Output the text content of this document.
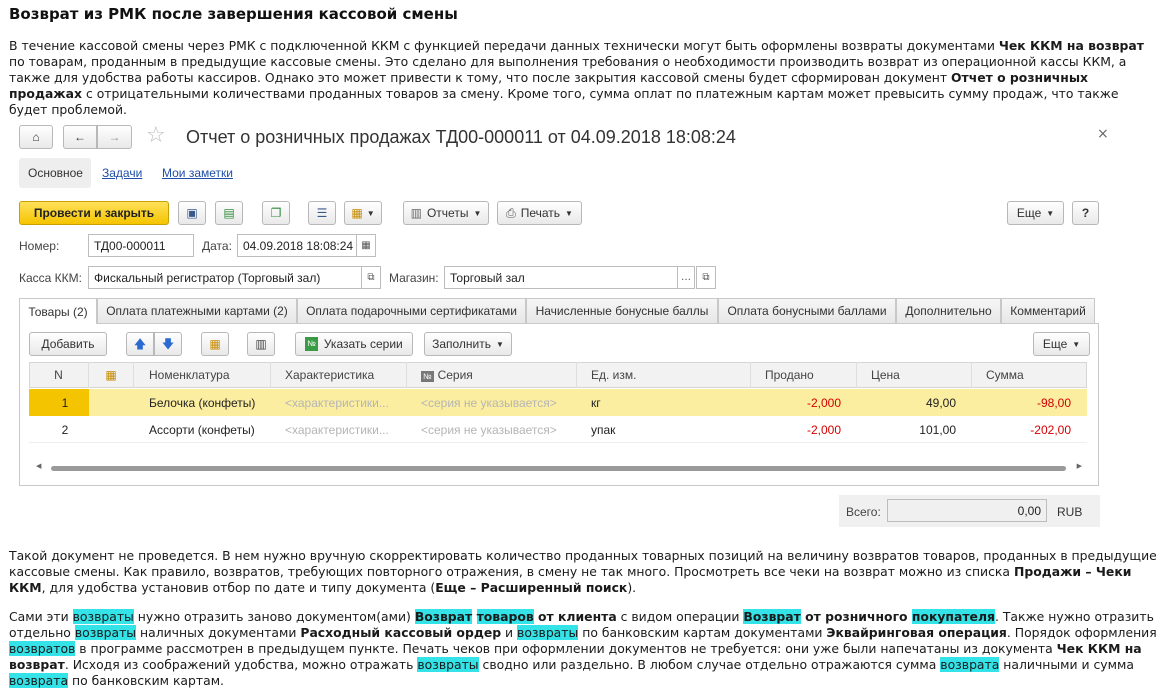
Возврат из РМК после завершения кассовой смены
В течение кассовой смены через РМК с подключенной ККМ с функцией передачи данных технически могут быть оформлены возвраты документами Чек ККМ на возврат по товарам, проданным в предыдущие кассовые смены. Это сделано для выполнения требования о необходимости производить возврат из операционной кассы ККМ, а также для удобства работы кассиров. Однако это может привести к тому, что после закрытия кассовой смены будет сформирован документ Отчет о розничных продажах с отрицательными количествами проданных товаров за смену. Кроме того, сумма оплат по платежным картам может превысить сумму продаж, что также будет проблемой.
Такой документ не проведется. В нем нужно вручную скорректировать количество проданных товарных позиций на величину возвратов товаров, проданных в предыдущие кассовые смены. Как правило, возвратов, требующих повторного отражения, в смену не так много. Просмотреть все чеки на возврат можно из списка Продажи – Чеки ККМ, для удобства установив отбор по дате и типу документа (Еще – Расширенный поиск).
Сами эти возвраты нужно отразить заново документом(ами) Возврат товаров от клиента с видом операции Возврат от розничного покупателя. Также нужно отразить отдельно возвраты наличных документами Расходный кассовый ордер и возвраты по банковским картам документами Эквайринговая операция. Порядок оформления возвратов в программе рассмотрен в предыдущем пункте. Печать чеков при оформлении документов не требуется: они уже были напечатаны из документа Чек ККМ на возврат. Исходя из соображений удобства, можно отражать возвраты сводно или раздельно. В любом случае отдельно отражаются сумма возврата наличными и сумма возврата по банковским картам.
⌂	← → ☆ Отчет о розничных продажах ТД00-000011 от 04.09.2018 18:08:24	×
Основное Задачи Мои заметки
Провести и закрыть	▣ ▤	❐	☰ ▦ ▼	▥ Отчеты ▼ ⎙ Печать ▼	Еще ▼	?
Номер:	ТД00-000011	Дата: 04.09.2018 18:08:24 ▦
Касса ККМ:	Фискальный регистратор (Торговый зал)	⧉ Магазин: Торговый зал	… ⧉
Товары (2)	Оплата платежными картами (2)	Оплата подарочными сертификатами	Начисленные бонусные баллы	Оплата бонусными баллами	Дополнительно	Комментарий
Добавить	🡅 🡇	▦	▥	№ Указать серии Заполнить ▼	Еще ▼
N	▦	Номенклатура	Характеристика	№ Серия	Ед. изм.	Продано	Цена	Сумма
1	Белочка (конфеты)	<характеристики...	<серия не указывается>	кг	-2,000	49,00	-98,00
2	Ассорти (конфеты)	<характеристики...	<серия не указывается>	упак	-2,000	101,00	-202,00
◀	▶
Всего:	0,00	RUB
